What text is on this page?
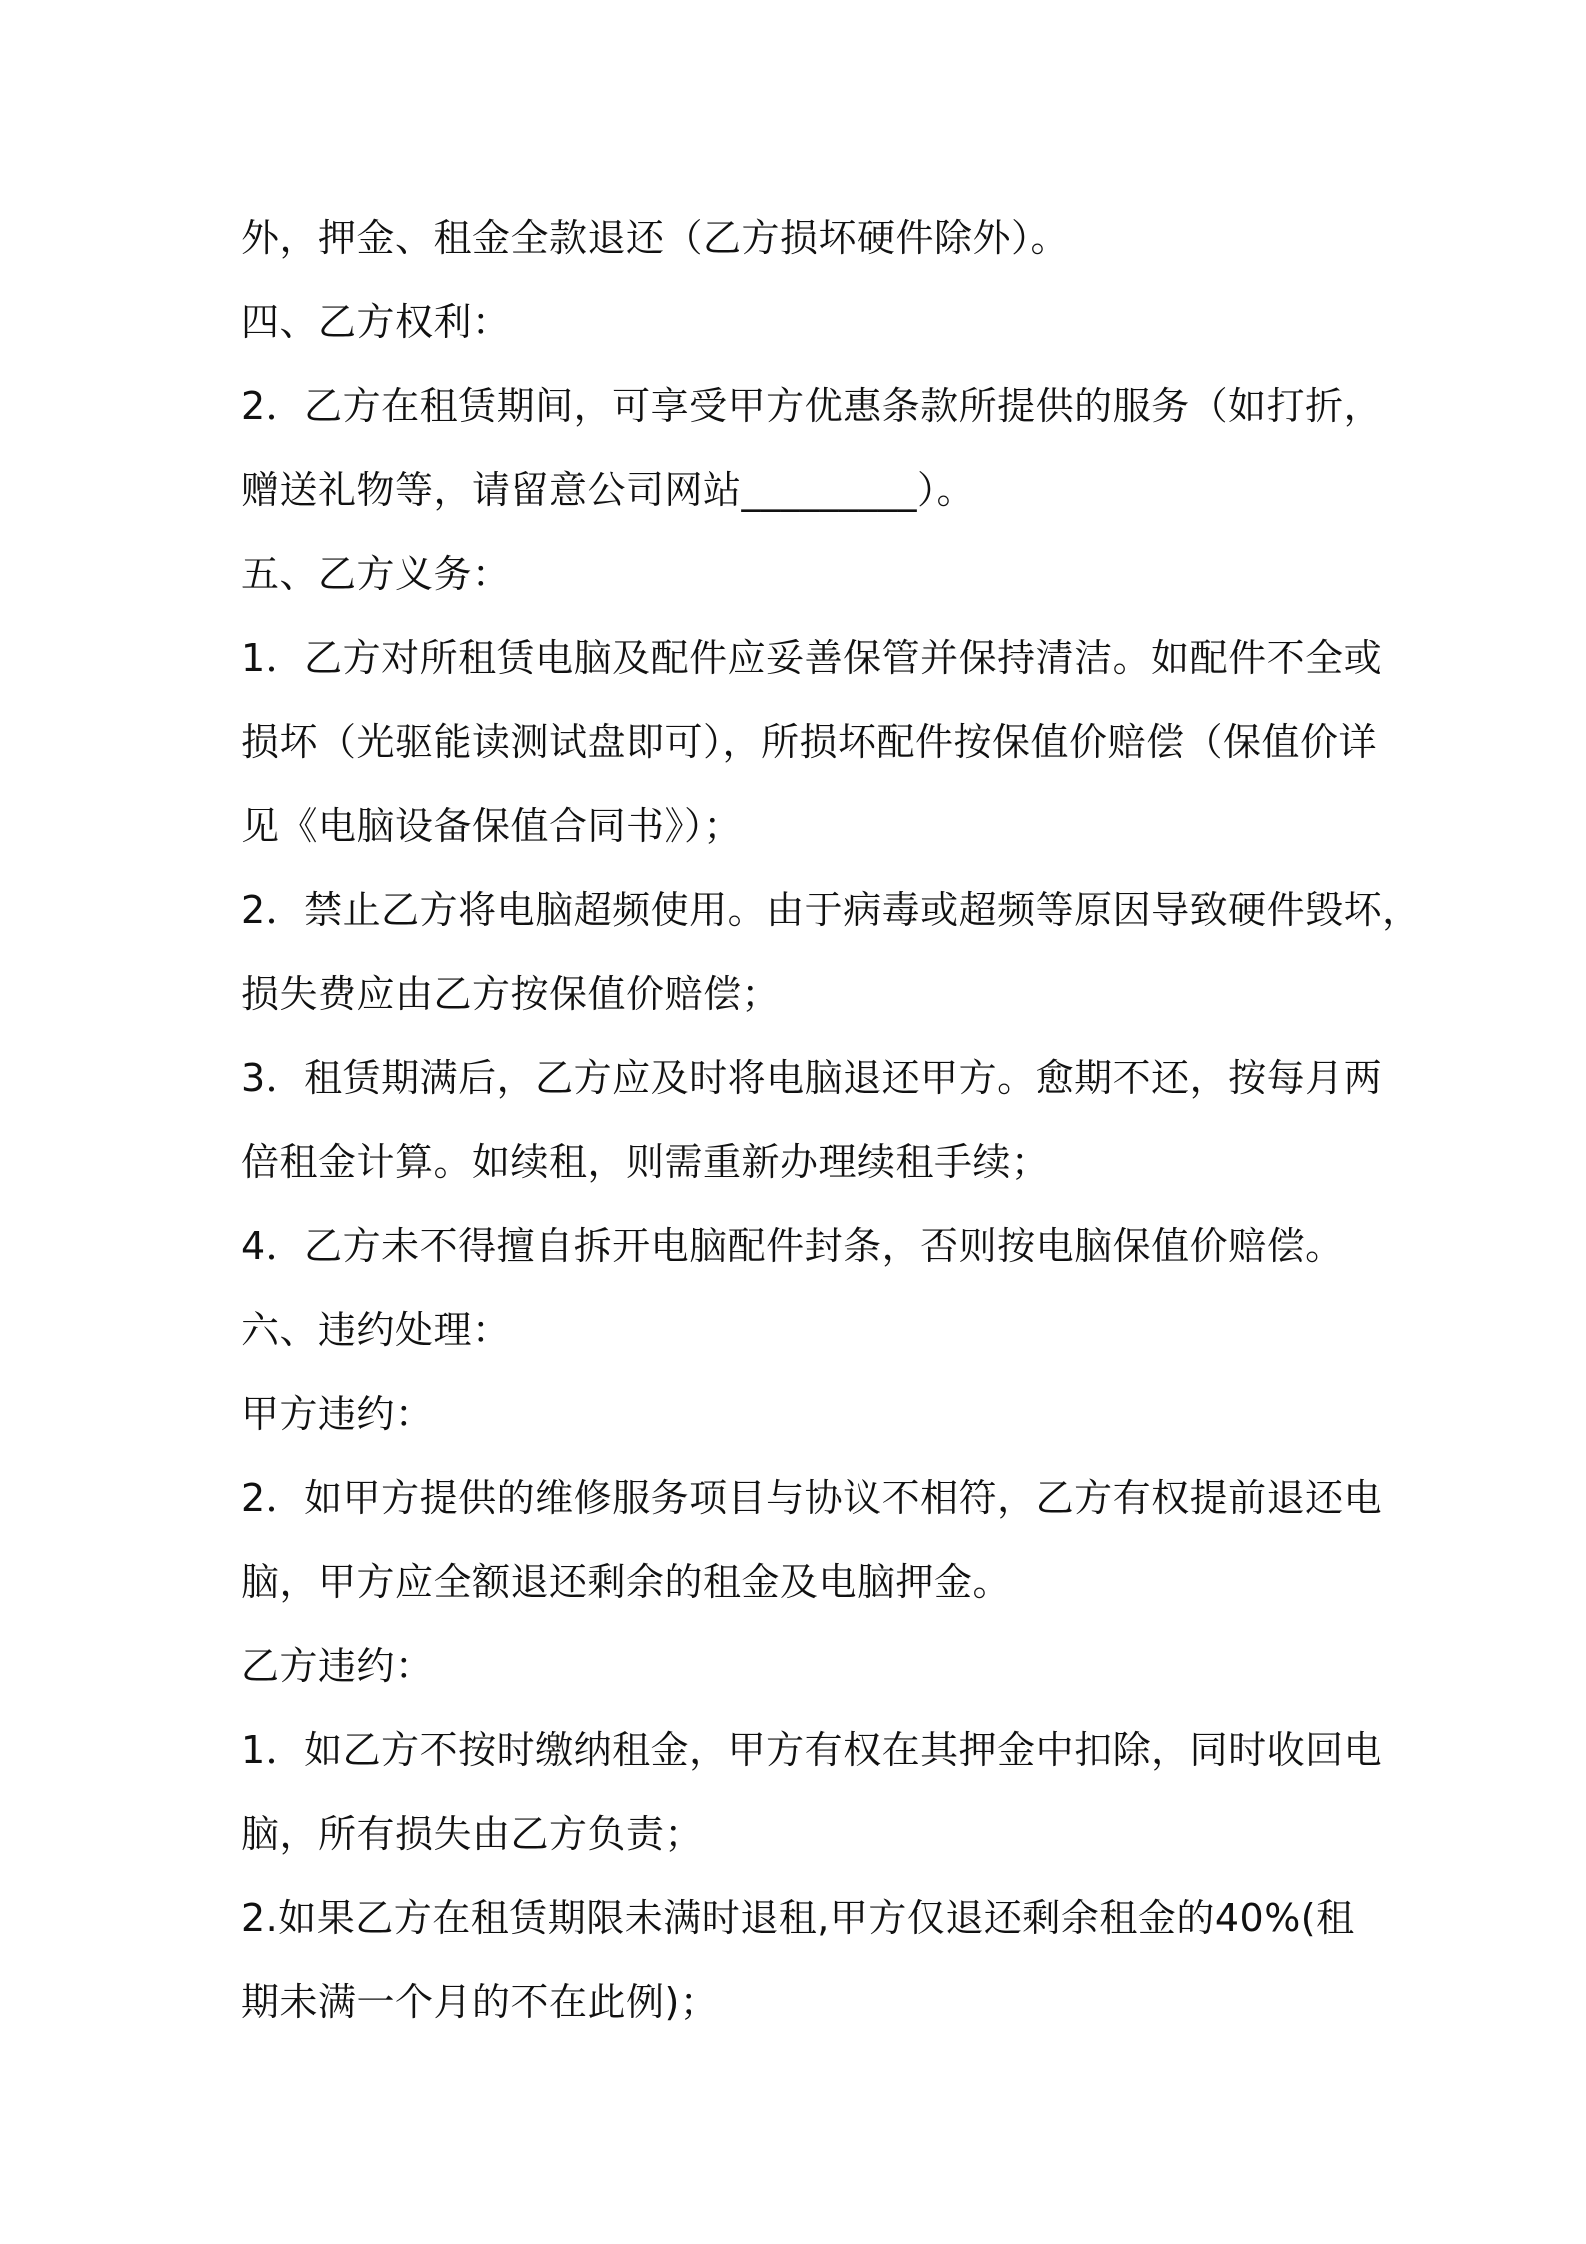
外，押金、租金全款退还（乙方损坏硬件除外）。
四、乙方权利：
2．乙方在租赁期间，可享受甲方优惠条款所提供的服务（如打折，
赠送礼物等，请留意公司网站_________）。
五、乙方义务：
1．乙方对所租赁电脑及配件应妥善保管并保持清洁。如配件不全或
损坏（光驱能读测试盘即可），所损坏配件按保值价赔偿（保值价详
见《电脑设备保值合同书》）；
2．禁止乙方将电脑超频使用。由于病毒或超频等原因导致硬件毁坏，
损失费应由乙方按保值价赔偿；
3．租赁期满后，乙方应及时将电脑退还甲方。愈期不还，按每月两
倍租金计算。如续租，则需重新办理续租手续；
4．乙方未不得擅自拆开电脑配件封条，否则按电脑保值价赔偿。
六、违约处理：
甲方违约：
2．如甲方提供的维修服务项目与协议不相符，乙方有权提前退还电
脑，甲方应全额退还剩余的租金及电脑押金。
乙方违约：
1．如乙方不按时缴纳租金，甲方有权在其押金中扣除，同时收回电
脑，所有损失由乙方负责；
2.如果乙方在租赁期限未满时退租,甲方仅退还剩余租金的40%(租
期未满一个月的不在此例)；
